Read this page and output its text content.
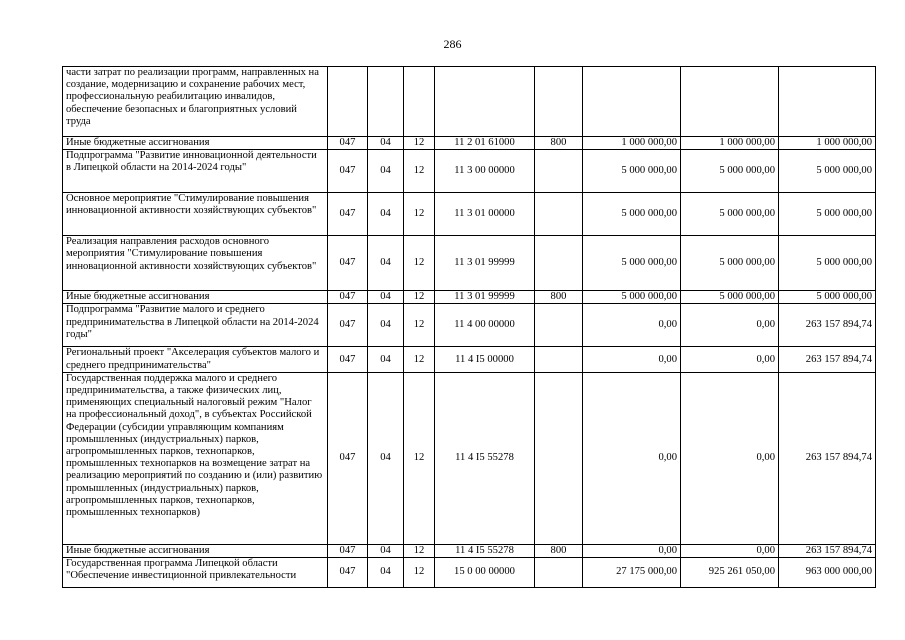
286
части затрат по реализации программ, направленных на создание, модернизацию и сохранение рабочих мест, профессиональную реабилитацию инвалидов, обеспечение безопасных и благоприятных условий труда								
Иные бюджетные ассигнования	047	04	12	11 2 01 61000	800	1 000 000,00	1 000 000,00	1 000 000,00
Подпрограмма "Развитие инновационной деятельности в Липецкой области на 2014-2024 годы"	047	04	12	11 3 00 00000		5 000 000,00	5 000 000,00	5 000 000,00
Основное мероприятие "Стимулирование повышения инновационной активности хозяйствующих субъектов"	047	04	12	11 3 01 00000		5 000 000,00	5 000 000,00	5 000 000,00
Реализация направления расходов основного мероприятия "Стимулирование повышения инновационной активности хозяйствующих субъектов"	047	04	12	11 3 01 99999		5 000 000,00	5 000 000,00	5 000 000,00
Иные бюджетные ассигнования	047	04	12	11 3 01 99999	800	5 000 000,00	5 000 000,00	5 000 000,00
Подпрограмма "Развитие малого и среднего предпринимательства в Липецкой области на 2014-2024 годы"	047	04	12	11 4 00 00000		0,00	0,00	263 157 894,74
Региональный проект "Акселерация субъектов малого и среднего предпринимательства"	047	04	12	11 4 I5 00000		0,00	0,00	263 157 894,74
Государственная поддержка малого и среднего предпринимательства, а также физических лиц, применяющих специальный налоговый режим "Налог на профессиональный доход", в субъектах Российской Федерации (субсидии управляющим компаниям промышленных (индустриальных) парков, агропромышленных парков, технопарков, промышленных технопарков на возмещение затрат на реализацию мероприятий по созданию и (или) развитию промышленных (индустриальных) парков, агропромышленных парков, технопарков, промышленных технопарков)	047	04	12	11 4 I5 55278		0,00	0,00	263 157 894,74
Иные бюджетные ассигнования	047	04	12	11 4 I5 55278	800	0,00	0,00	263 157 894,74
Государственная программа Липецкой области "Обеспечение инвестиционной привлекательности	047	04	12	15 0 00 00000		27 175 000,00	925 261 050,00	963 000 000,00
